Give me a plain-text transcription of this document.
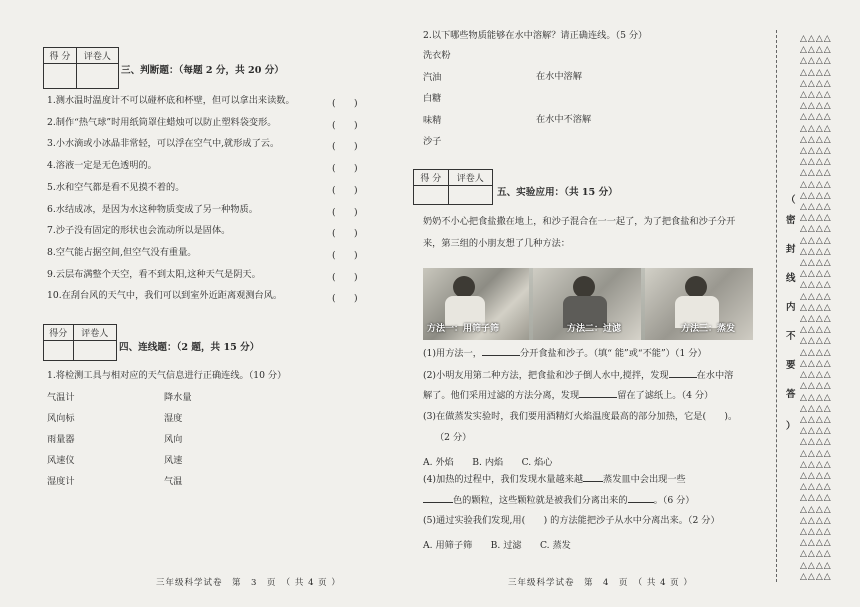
得 分	评卷人

三、判断题：（每题 2 分，共 20 分）
1.测水温时温度计不可以碰杯底和杯壁，但可以拿出来读数。	(　　)
2.制作“热气球”时用纸筒罩住蜡烛可以防止塑料袋变形。	(　　)
3.小水滴或小冰晶非常轻，可以浮在空气中,就形成了云。	(　　)
4.溶液一定是无色透明的。	(　　)
5.水和空气都是看不见摸不着的。	(　　)
6.水结成冰，是因为水这种物质变成了另一种物质。	(　　)
7.沙子没有固定的形状也会流动所以是固体。	(　　)
8.空气能占据空间,但空气没有重量。	(　　)
9.云层布满整个天空，看不到太阳,这种天气是阴天。	(　　)
10.在刮台风的天气中，我们可以到室外近距离观测台风。	(　　)
得分	评卷人

四、连线题：（2 题，共 15 分）
1.将检测工具与相对应的天气信息进行正确连线。（10 分）
气温计
风向标
雨量器
风速仪
湿度计
降水量
湿度
风向
风速
气温
三年级科学试卷　第　3　页　（ 共 4 页 ）
2.以下哪些物质能够在水中溶解？请正确连线。（5 分）
洗衣粉
汽油
白糖
味精
沙子
在水中溶解
在水中不溶解
得 分	评卷人

五、实验应用：（共 15 分）
奶奶不小心把食盐撒在地上，和沙子混合在一一起了，为了把食盐和沙子分开
来，第三组的小朋友想了几种方法：
方法一：用筛子筛	方法二：过滤	方法三：蒸发
(1)用方法一，	分开食盐和沙子。（填“ 能”或“不能”）（1 分）
(2)小明友用第二种方法，把食盐和沙子倒人水中,搅拌，发现	在水中溶
解了。他们采用过滤的方法分离，发现	留在了滤纸上。（4 分）
(3)在做蒸发实验时，我们要用酒精灯火焰温度最高的部分加热，它是(　　)。
（2 分）
A. 外焰　　B. 内焰　　C. 焰心
(4)加热的过程中，我们发现水量越来越 蒸发皿中会出现一些
色的颗粒，这些颗粒就是被我们分离出来的	。（6 分）
(5)通过实验我们发现,用(　　) 的方法能把沙子从水中分离出来。（2 分）
A. 用筛子筛　　B. 过滤　　C. 蒸发
三年级科学试卷　第　4　页　（ 共 4 页 ）
（
密
封
线
内
不
要
答
）
△△△△
△△△△
△△△△
△△△△
△△△△
△△△△
△△△△
△△△△
△△△△
△△△△
△△△△
△△△△
△△△△
△△△△
△△△△
△△△△
△△△△
△△△△
△△△△
△△△△
△△△△
△△△△
△△△△
△△△△
△△△△
△△△△
△△△△
△△△△
△△△△
△△△△
△△△△
△△△△
△△△△
△△△△
△△△△
△△△△
△△△△
△△△△
△△△△
△△△△
△△△△
△△△△
△△△△
△△△△
△△△△
△△△△
△△△△
△△△△
△△△△
